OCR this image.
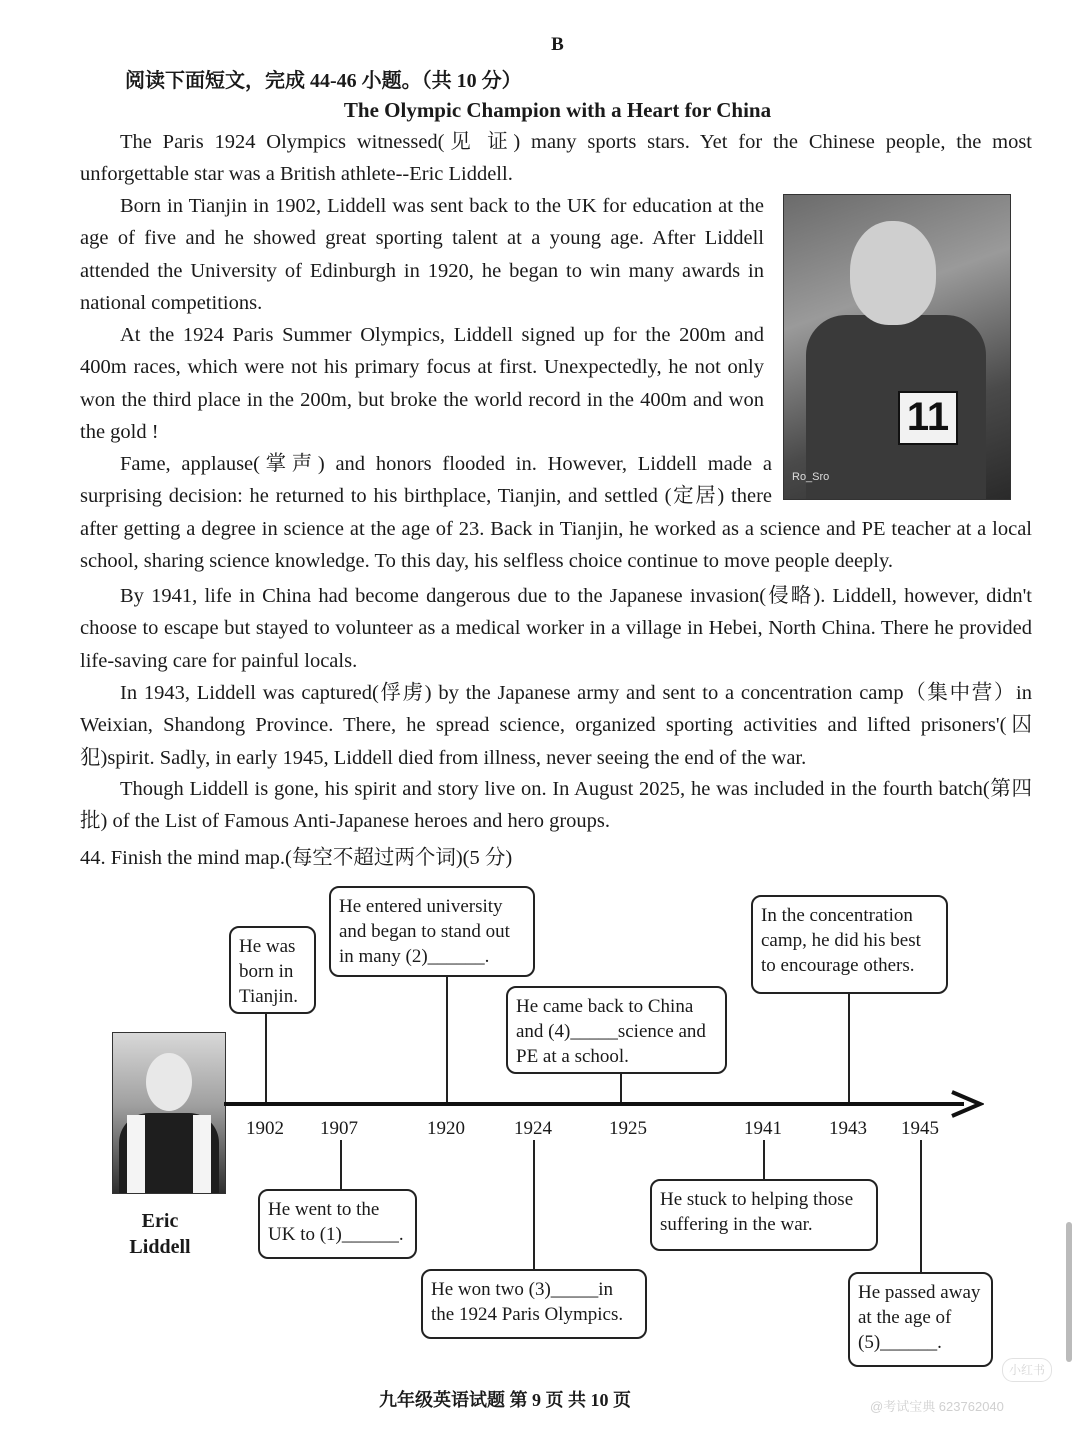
B
阅读下面短文，完成 44-46 小题。（共 10 分）
The Olympic Champion with a Heart for China

The Paris 1924 Olympics witnessed(见 证) many sports stars. Yet for the Chinese people, the most unforgettable star was a British athlete--Eric Liddell.

Born in Tianjin in 1902, Liddell was sent back to the UK for education at the age of five and he showed great sporting talent at a young age. After Liddell attended the University of Edinburgh in 1920, he began to win many awards in national competitions.

At the 1924 Paris Summer Olympics, Liddell signed up for the 200m and 400m races, which were not his primary focus at first. Unexpectedly, he not only won the third place in the 200m, but broke the world record in the 400m and won the gold !

Fame, applause(掌声) and honors flooded in. However, Liddell made a surprising decision: he returned to his birthplace, Tianjin, and settled (定居) there after getting a degree in science at the age of 23. Back in Tianjin, he worked as a science and PE teacher at a local school, sharing science knowledge. To this day, his selfless choice continue to move people deeply.

By 1941, life in China had become dangerous due to the Japanese invasion(侵略). Liddell, however, didn't choose to escape but stayed to volunteer as a medical worker in a village in Hebei, North China. There he provided life-saving care for painful locals.

In 1943, Liddell was captured(俘虏) by the Japanese army and sent to a concentration camp（集中营）in Weixian, Shandong Province. There, he spread science, organized sporting activities and lifted prisoners'(囚犯)spirit. Sadly, in early 1945, Liddell died from illness, never seeing the end of the war.

Though Liddell is gone, his spirit and story live on. In August 2025, he was included in the fourth batch(第四批) of the List of Famous Anti-Japanese heroes and hero groups.

11
Ro_Sro
44. Finish the mind map.(每空不超过两个词)(5 分)
Eric Liddell
1902 1907	1920	1924	1925	1941 1943 1945
He was born in Tianjin.
He entered university and began to stand out in many (2)______.
He came back to China and (4)_____science and PE at a school.
In the concentration camp, he did his best to encourage others.
He went to the UK to (1)______.
He won two (3)_____in the 1924 Paris Olympics.
He stuck to helping those suffering in the war.
He passed away at the age of (5)______.
九年级英语试题 第 9 页 共 10 页
小红书
@考试宝典 623762040
